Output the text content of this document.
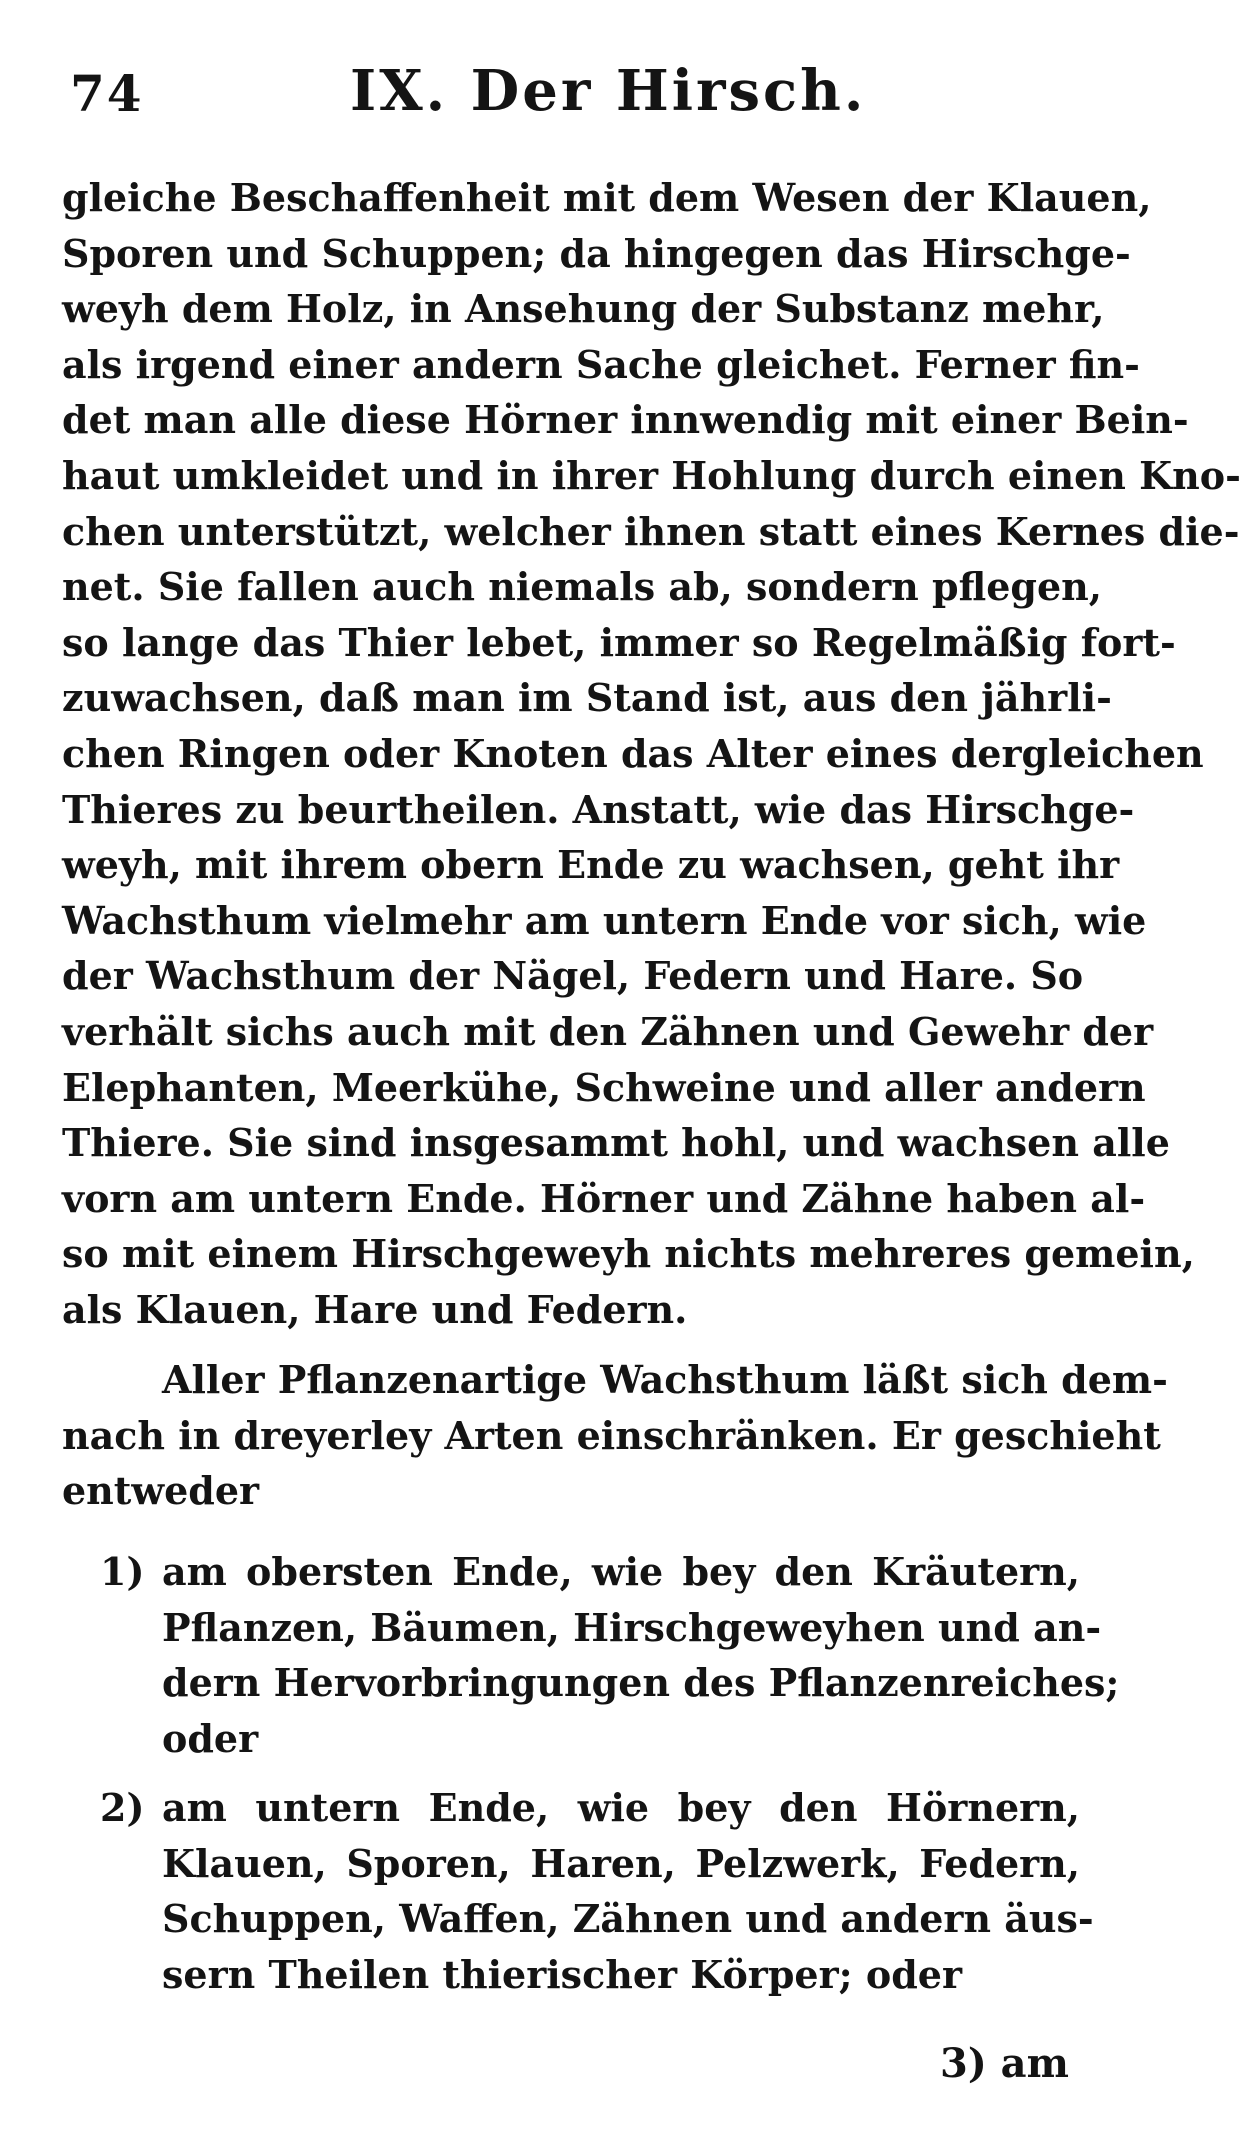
74	IX. Der Hirsch.
gleiche Beschaffenheit mit dem Wesen der Klauen,
Sporen und Schuppen; da hingegen das Hirschge-
weyh dem Holz, in Ansehung der Substanz mehr,
als irgend einer andern Sache gleichet. Ferner fin-
det man alle diese Hörner innwendig mit einer Bein-
haut umkleidet und in ihrer Hohlung durch einen Kno-
chen unterstützt, welcher ihnen statt eines Kernes die-
net. Sie fallen auch niemals ab, sondern pflegen,
so lange das Thier lebet, immer so Regelmäßig fort-
zuwachsen, daß man im Stand ist, aus den jährli-
chen Ringen oder Knoten das Alter eines dergleichen
Thieres zu beurtheilen. Anstatt, wie das Hirschge-
weyh, mit ihrem obern Ende zu wachsen, geht ihr
Wachsthum vielmehr am untern Ende vor sich, wie
der Wachsthum der Nägel, Federn und Hare. So
verhält sichs auch mit den Zähnen und Gewehr der
Elephanten, Meerkühe, Schweine und aller andern
Thiere. Sie sind insgesammt hohl, und wachsen alle
vorn am untern Ende. Hörner und Zähne haben al-
so mit einem Hirschgeweyh nichts mehreres gemein,
als Klauen, Hare und Federn.
Aller Pflanzenartige Wachsthum läßt sich dem-
nach in dreyerley Arten einschränken. Er geschieht
entweder
1) am obersten Ende, wie bey den Kräutern,
Pflanzen, Bäumen, Hirschgeweyhen und an-
dern Hervorbringungen des Pflanzenreiches;
oder
2) am untern Ende, wie bey den Hörnern,
Klauen, Sporen, Haren, Pelzwerk, Federn,
Schuppen, Waffen, Zähnen und andern äus-
sern Theilen thierischer Körper; oder
3) am
